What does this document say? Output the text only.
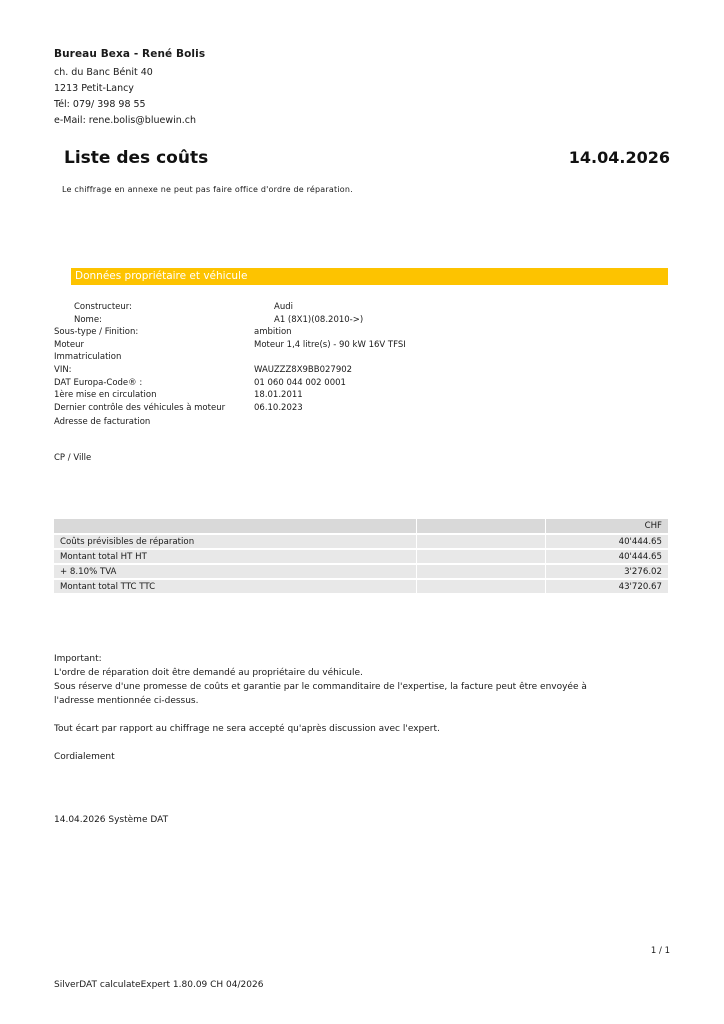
Bureau Bexa - René Bolis
ch. du Banc Bénit 40
1213 Petit-Lancy
Tél: 079/ 398 98 55
e-Mail: rene.bolis@bluewin.ch
Liste des coûts	14.04.2026
Le chiffrage en annexe ne peut pas faire office d'ordre de réparation.
Données propriétaire et véhicule
Constructeur:	Audi
Nome:	A1 (8X1)(08.2010->)
Sous-type / Finition:	ambition
Moteur	Moteur 1,4 litre(s) - 90 kW 16V TFSI
Immatriculation
VIN:	WAUZZZ8X9BB027902
DAT Europa-Code® :	01 060 044 002 0001
1ère mise en circulation	18.01.2011
Dernier contrôle des véhicules à moteur	06.10.2023
Adresse de facturation
CP / Ville
		CHF

Coûts prévisibles de réparation		40'444.65

Montant total HT HT		40'444.65

+ 8.10% TVA		3'276.02

Montant total TTC TTC		43'720.67
Important:
L'ordre de réparation doit être demandé au propriétaire du véhicule.
Sous réserve d'une promesse de coûts et garantie par le commanditaire de l'expertise, la facture peut être envoyée à
l'adresse mentionnée ci-dessus.
Tout écart par rapport au chiffrage ne sera accepté qu'après discussion avec l'expert.
Cordialement
14.04.2026 Système DAT
1 / 1
SilverDAT calculateExpert 1.80.09 CH 04/2026
